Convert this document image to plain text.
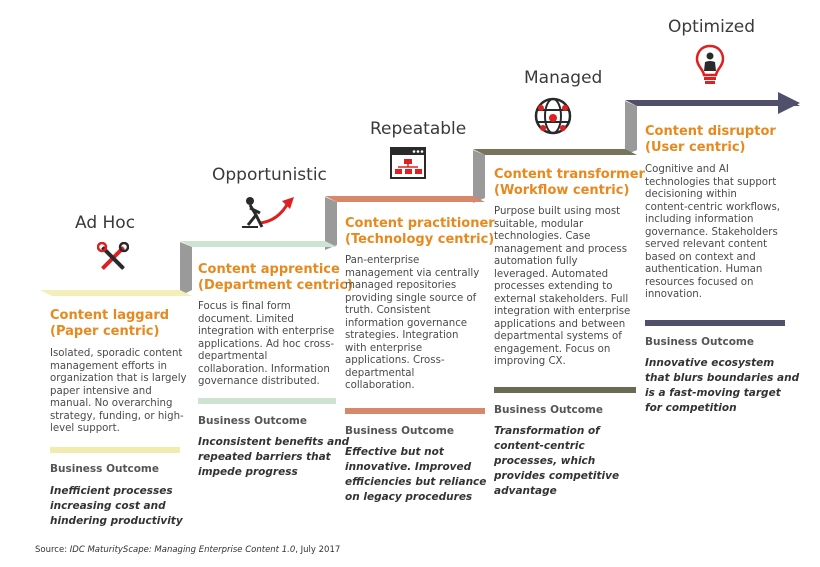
Ad Hoc
Content laggard
(Paper centric)
Isolated, sporadic content
management efforts in
organization that is largely
paper intensive and
manual. No overarching
strategy, funding, or high-
level support.
Business Outcome
Inefficient processes
increasing cost and
hindering productivity
Opportunistic
Content apprentice
(Department centric)
Focus is final form
document. Limited
integration with enterprise
applications. Ad hoc cross-
departmental
collaboration. Information
governance distributed.
Business Outcome
Inconsistent benefits and
repeated barriers that
impede progress
Repeatable
Content practitioner
(Technology centric)
Pan-enterprise
management via centrally
managed repositories
providing single source of
truth. Consistent
information governance
strategies. Integration
with enterprise
applications. Cross-
departmental
collaboration.
Business Outcome
Effective but not
innovative. Improved
efficiencies but reliance
on legacy procedures
Managed
Content transformer
(Workflow centric)
Purpose built using most
suitable, modular
technologies. Case
management and process
automation fully
leveraged. Automated
processes extending to
external stakeholders. Full
integration with enterprise
applications and between
departmental systems of
engagement. Focus on
improving CX.
Business Outcome
Transformation of
content-centric
processes, which
provides competitive
advantage
Optimized
Content disruptor
(User centric)
Cognitive and AI
technologies that support
decisioning within
content-centric workflows,
including information
governance. Stakeholders
served relevant content
based on context and
authentication. Human
resources focused on
innovation.
Business Outcome
Innovative ecosystem
that blurs boundaries and
is a fast-moving target
for competition
Source: IDC MaturityScape: Managing Enterprise Content 1.0, July 2017
